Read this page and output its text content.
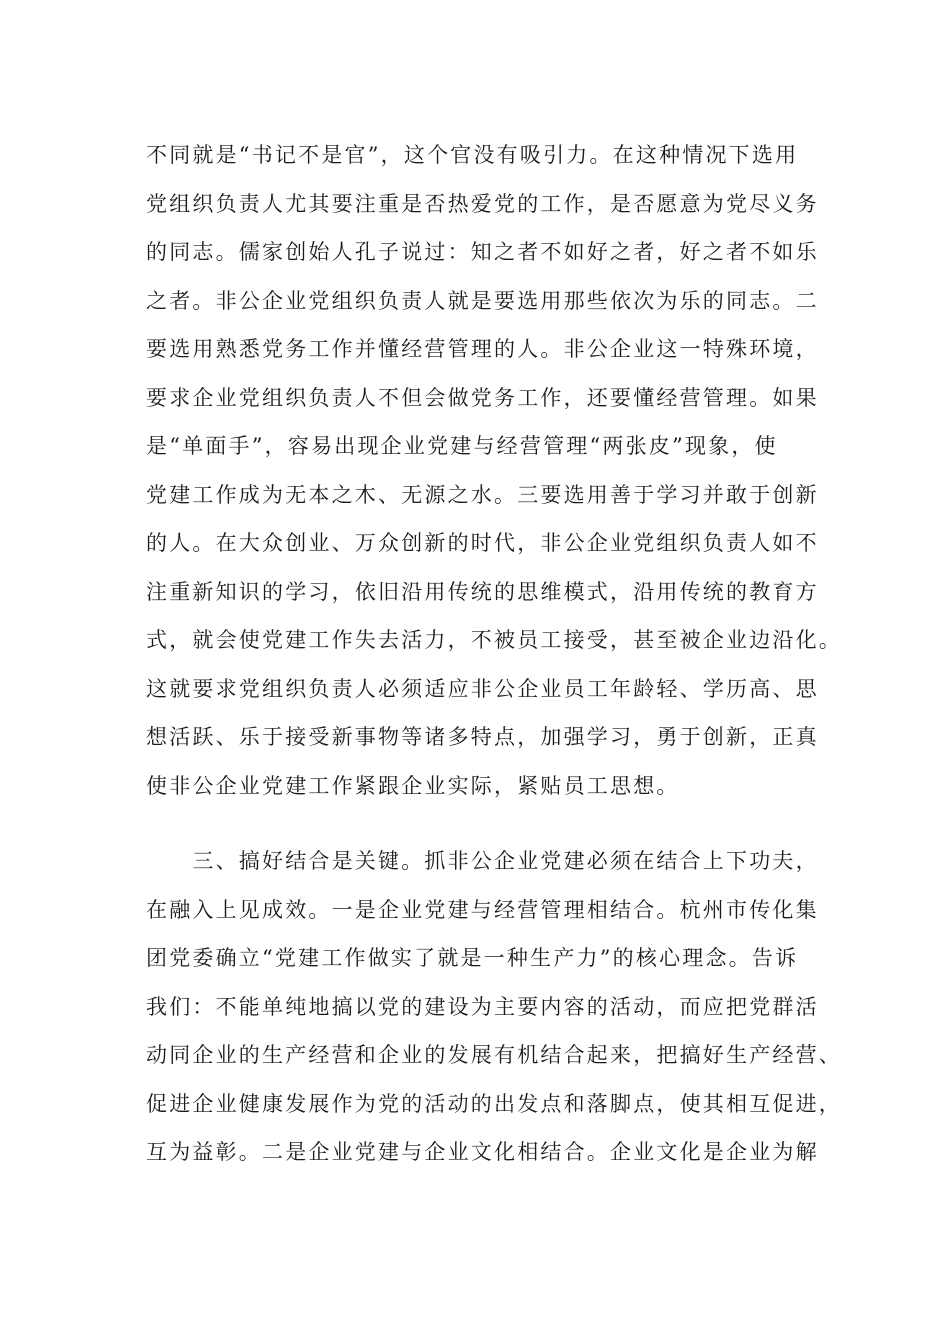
不同就是“书记不是官”，这个官没有吸引力。在这种情况下选用
党组织负责人尤其要注重是否热爱党的工作，是否愿意为党尽义务
的同志。儒家创始人孔子说过：知之者不如好之者，好之者不如乐
之者。非公企业党组织负责人就是要选用那些依次为乐的同志。二
要选用熟悉党务工作并懂经营管理的人。非公企业这一特殊环境，
要求企业党组织负责人不但会做党务工作，还要懂经营管理。如果
是“单面手”，容易出现企业党建与经营管理“两张皮”现象，使
党建工作成为无本之木、无源之水。三要选用善于学习并敢于创新
的人。在大众创业、万众创新的时代，非公企业党组织负责人如不
注重新知识的学习，依旧沿用传统的思维模式，沿用传统的教育方
式，就会使党建工作失去活力，不被员工接受，甚至被企业边沿化。
这就要求党组织负责人必须适应非公企业员工年龄轻、学历高、思
想活跃、乐于接受新事物等诸多特点，加强学习，勇于创新，正真
使非公企业党建工作紧跟企业实际，紧贴员工思想。
　　三、搞好结合是关键。抓非公企业党建必须在结合上下功夫，
在融入上见成效。一是企业党建与经营管理相结合。杭州市传化集
团党委确立“党建工作做实了就是一种生产力”的核心理念。告诉
我们：不能单纯地搞以党的建设为主要内容的活动，而应把党群活
动同企业的生产经营和企业的发展有机结合起来，把搞好生产经营、
促进企业健康发展作为党的活动的出发点和落脚点，使其相互促进，
互为益彰。二是企业党建与企业文化相结合。企业文化是企业为解
